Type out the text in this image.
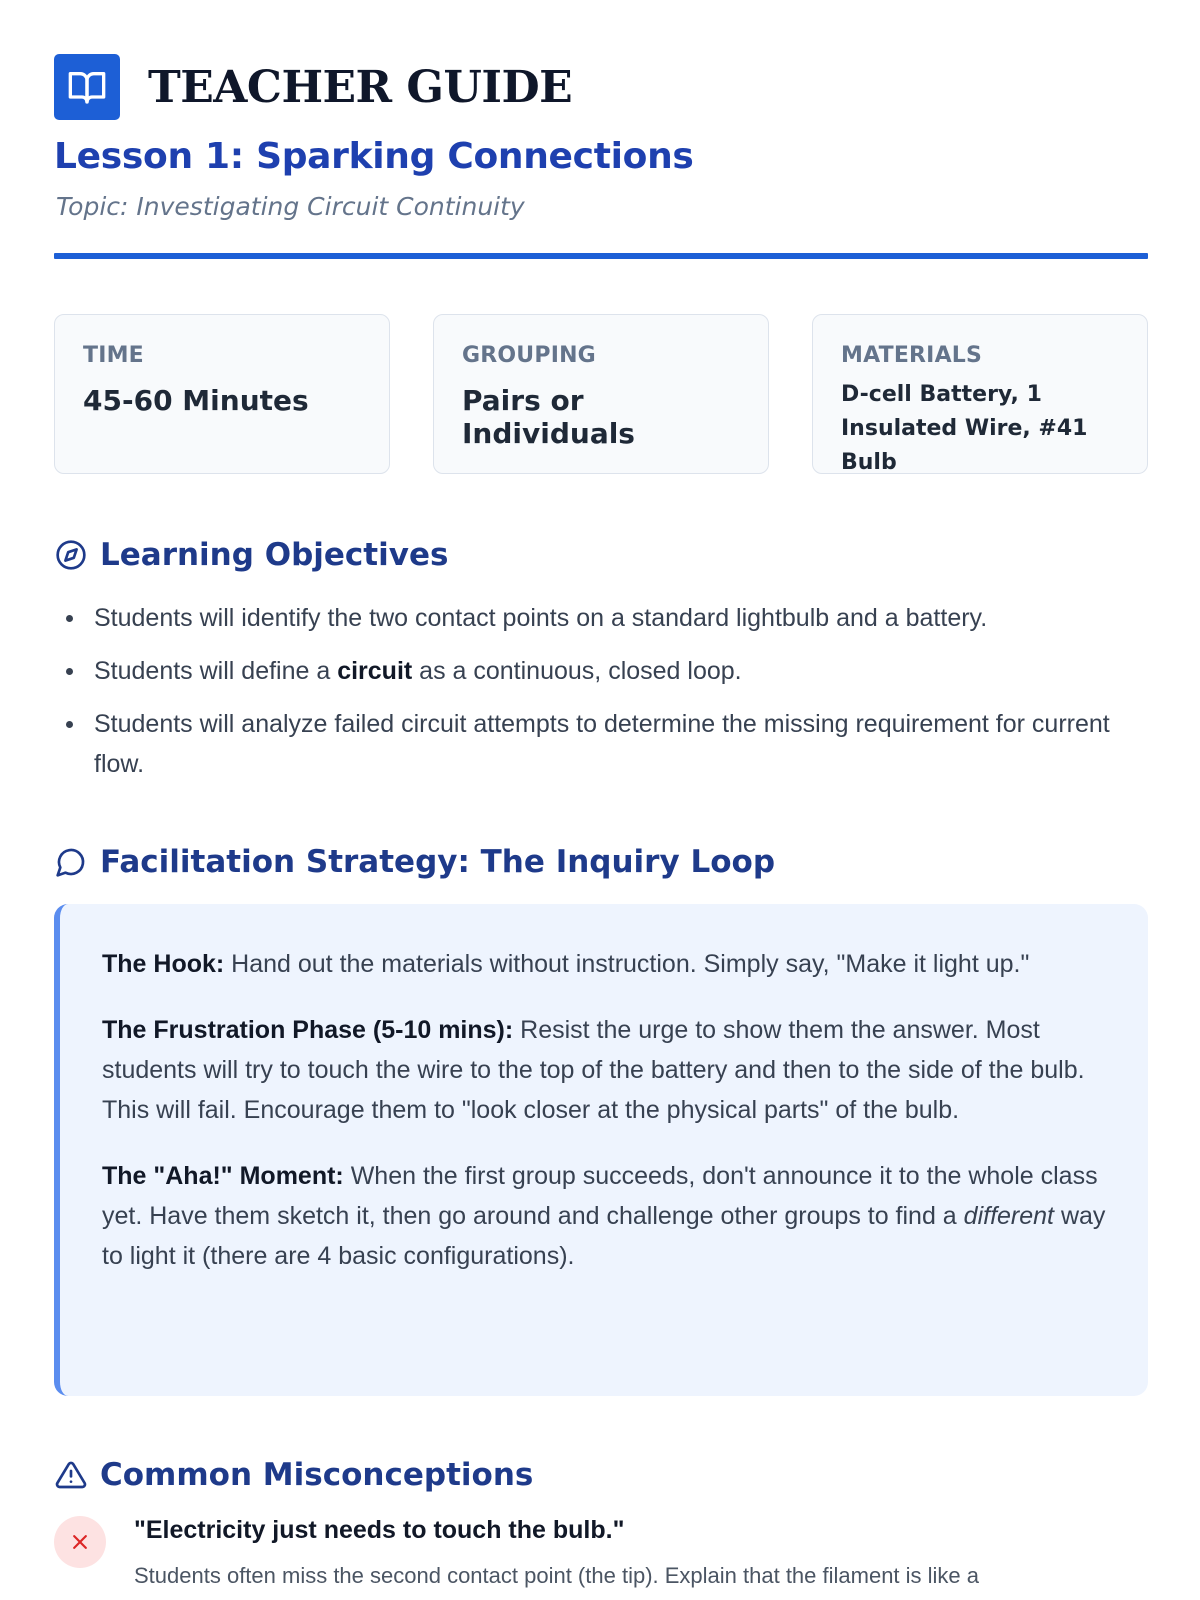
TEACHER GUIDE
Lesson 1: Sparking Connections
Topic: Investigating Circuit Continuity
TIME
45-60 Minutes
GROUPING
Pairs or Individuals
MATERIALS
D-cell Battery, 1
Insulated Wire, #41 Bulb
Learning Objectives
Students will identify the two contact points on a standard lightbulb and a battery.
Students will define a circuit as a continuous, closed loop.
Students will analyze failed circuit attempts to determine the missing requirement for current flow.
Facilitation Strategy: The Inquiry Loop

The Hook: Hand out the materials without instruction. Simply say, "Make it light up."

The Frustration Phase (5-10 mins): Resist the urge to show them the answer. Most students will try to touch the wire to the top of the battery and then to the side of the bulb. This will fail. Encourage them to "look closer at the physical parts" of the bulb.

The "Aha!" Moment: When the first group succeeds, don't announce it to the whole class yet. Have them sketch it, then go around and challenge other groups to find a different way to light it (there are 4 basic configurations).

Common Misconceptions
"Electricity just needs to touch the bulb."
Students often miss the second contact point (the tip). Explain that the filament is like a
